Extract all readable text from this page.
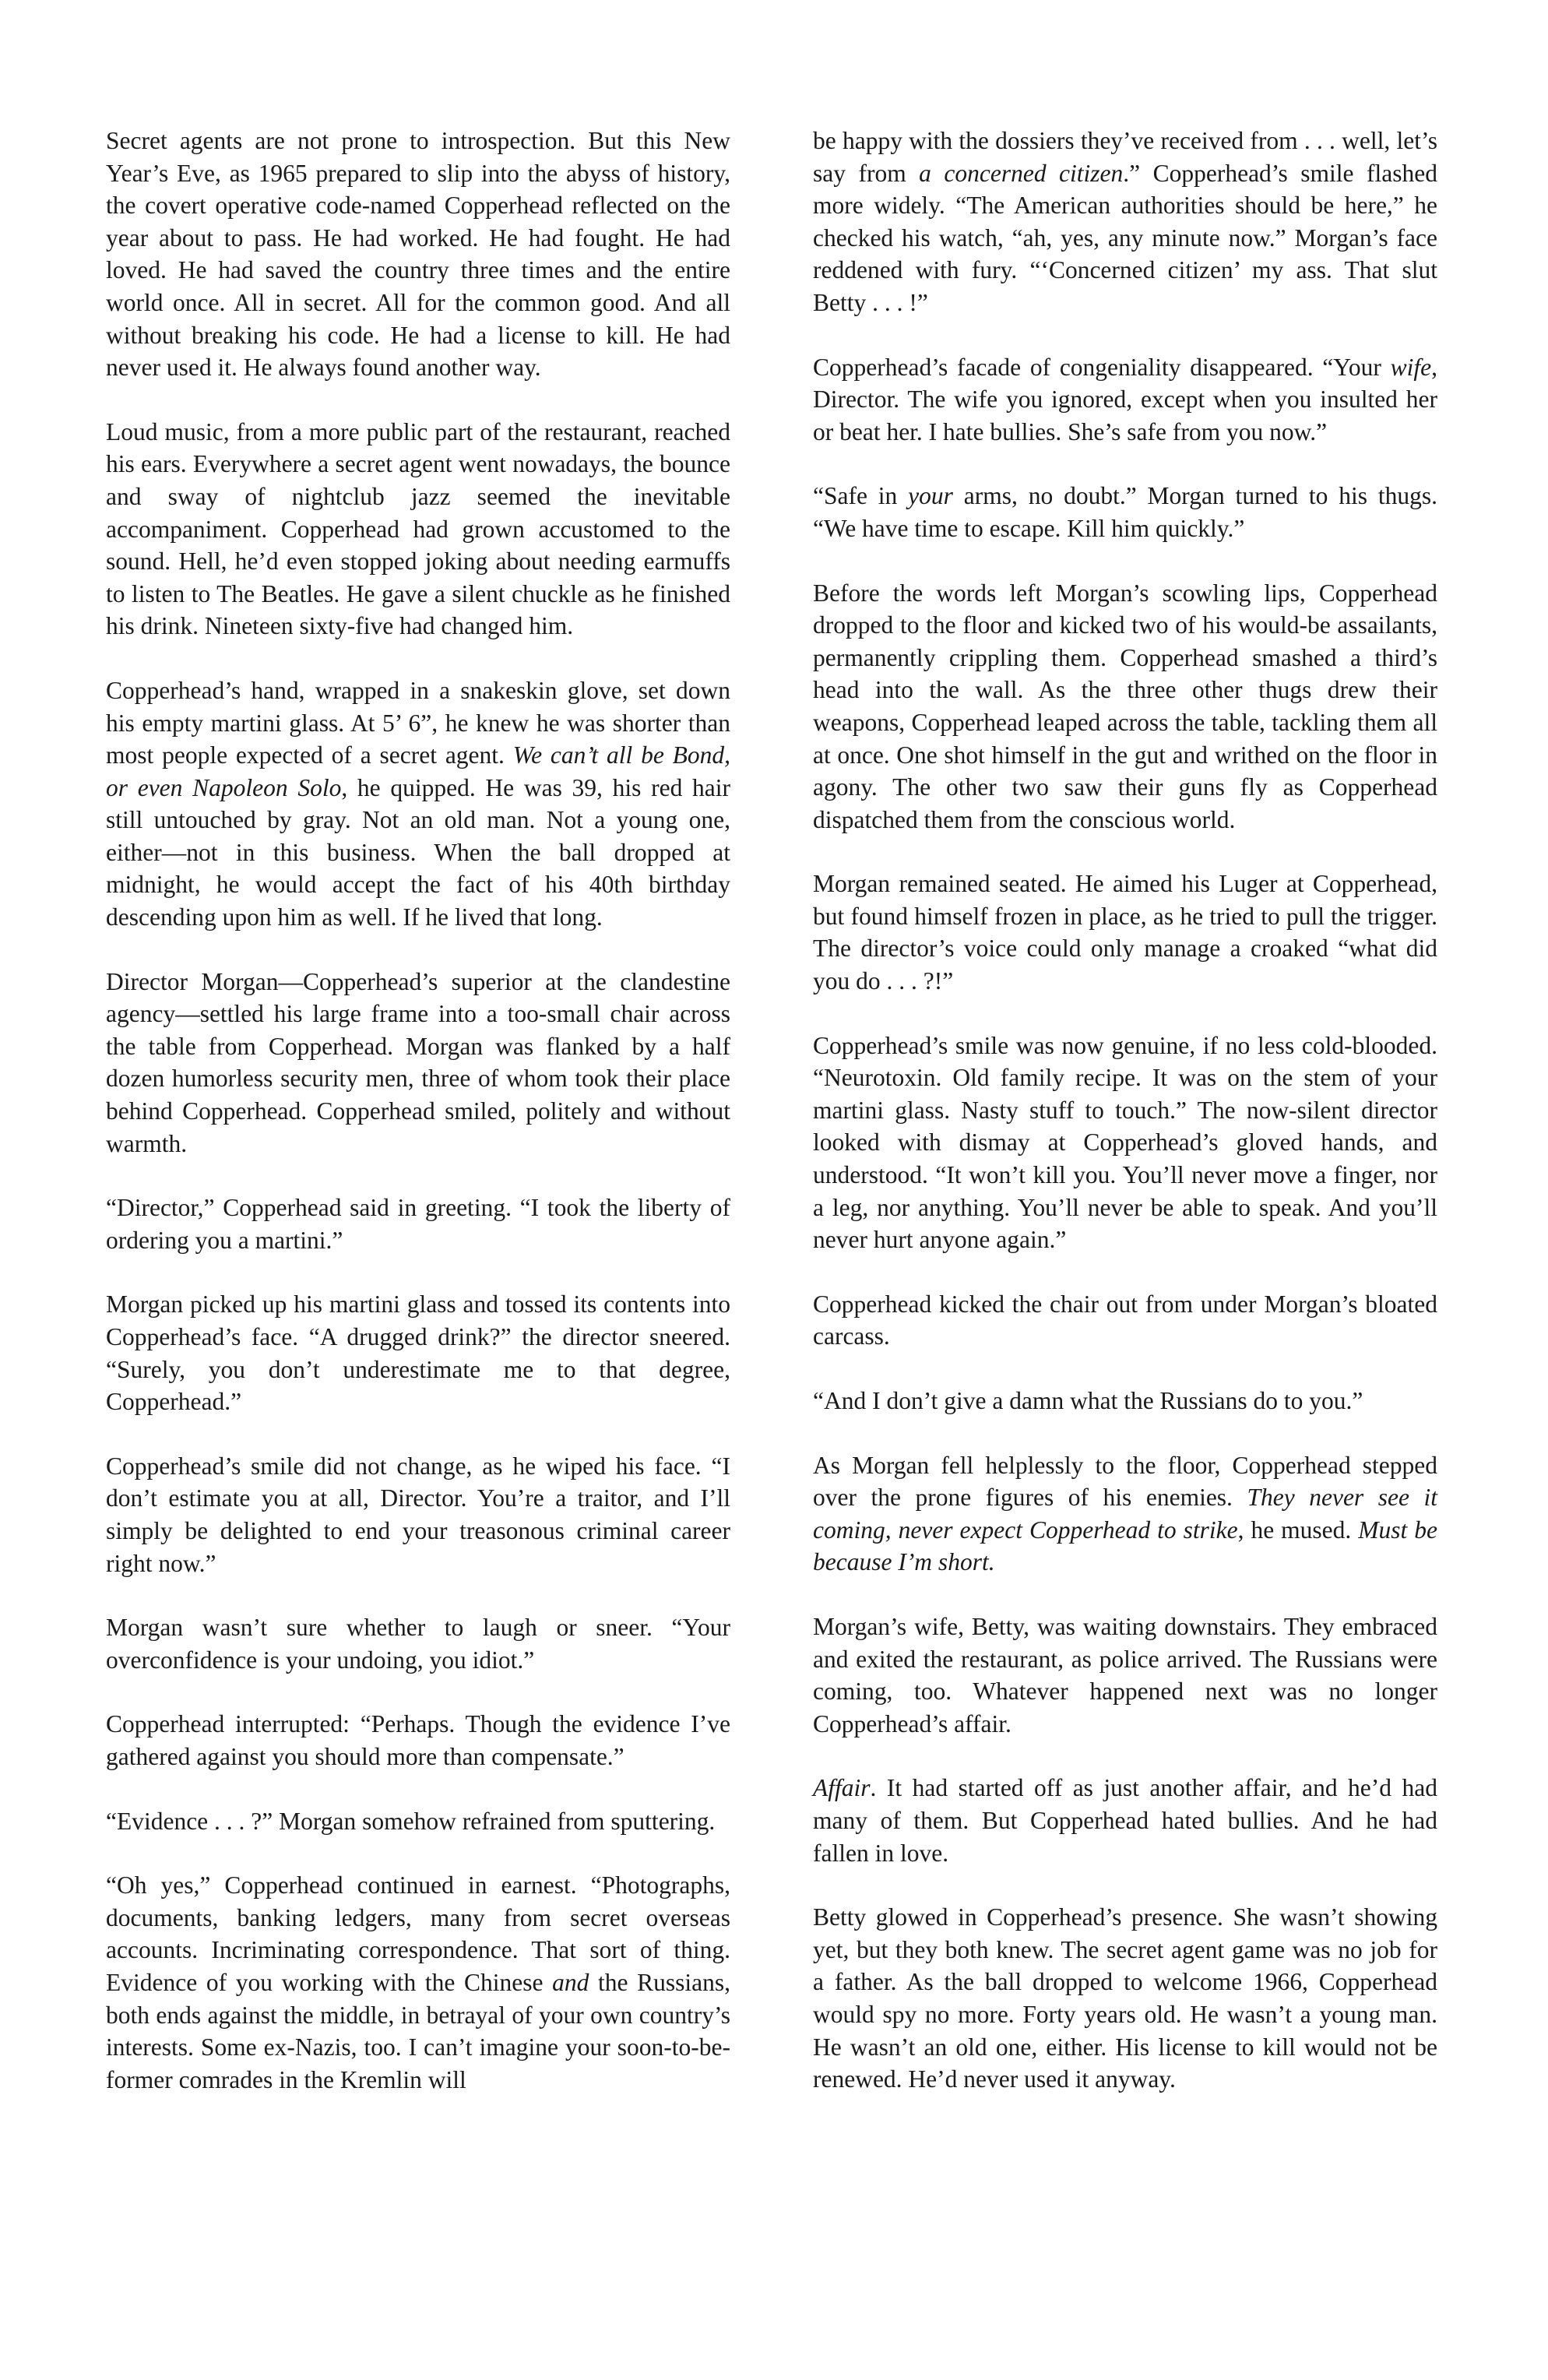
Secret agents are not prone to introspection. But this New Year’s Eve, as 1965 prepared to slip into the abyss of history, the covert operative code-named Copperhead reflected on the year about to pass. He had worked. He had fought. He had loved. He had saved the country three times and the entire world once. All in secret. All for the common good. And all without breaking his code. He had a license to kill. He had never used it. He always found another way.

Loud music, from a more public part of the restaurant, reached his ears. Everywhere a secret agent went nowadays, the bounce and sway of nightclub jazz seemed the inevitable accompaniment. Copperhead had grown accustomed to the sound. Hell, he’d even stopped joking about needing earmuffs to listen to The Beatles. He gave a silent chuckle as he finished his drink. Nineteen sixty-five had changed him.

Copperhead’s hand, wrapped in a snakeskin glove, set down his empty martini glass. At 5’ 6”, he knew he was shorter than most people expected of a secret agent. We can’t all be Bond, or even Napoleon Solo, he quipped. He was 39, his red hair still untouched by gray. Not an old man. Not a young one, either—not in this business. When the ball dropped at midnight, he would accept the fact of his 40th birthday descending upon him as well. If he lived that long.

Director Morgan—Copperhead’s superior at the clandestine agency—settled his large frame into a too-small chair across the table from Copperhead. Morgan was flanked by a half dozen humorless security men, three of whom took their place behind Copperhead. Copperhead smiled, politely and without warmth.

“Director,” Copperhead said in greeting. “I took the liberty of ordering you a martini.”

Morgan picked up his martini glass and tossed its contents into Copperhead’s face. “A drugged drink?” the director sneered. “Surely, you don’t underestimate me to that degree, Copperhead.”

Copperhead’s smile did not change, as he wiped his face. “I don’t estimate you at all, Director. You’re a traitor, and I’ll simply be delighted to end your treasonous criminal career right now.”

Morgan wasn’t sure whether to laugh or sneer. “Your overconfidence is your undoing, you idiot.”

Copperhead interrupted: “Perhaps. Though the evidence I’ve gathered against you should more than compensate.”

“Evidence . . . ?” Morgan somehow refrained from sputtering.

“Oh yes,” Copperhead continued in earnest. “Photographs, documents, banking ledgers, many from secret overseas accounts. Incriminating correspondence. That sort of thing. Evidence of you working with the Chinese and the Russians, both ends against the middle, in betrayal of your own country’s interests. Some ex-Nazis, too. I can’t imagine your soon-to-be-former comrades in the Kremlin will

be happy with the dossiers they’ve received from . . . well, let’s say from a concerned citizen.” Copperhead’s smile flashed more widely. “The American authorities should be here,” he checked his watch, “ah, yes, any minute now.” Morgan’s face reddened with fury. “‘Concerned citizen’ my ass. That slut Betty . . . !”

Copperhead’s facade of congeniality disappeared. “Your wife, Director. The wife you ignored, except when you insulted her or beat her. I hate bullies. She’s safe from you now.”

“Safe in your arms, no doubt.” Morgan turned to his thugs. “We have time to escape. Kill him quickly.”

Before the words left Morgan’s scowling lips, Copperhead dropped to the floor and kicked two of his would-be assailants, permanently crippling them. Copperhead smashed a third’s head into the wall. As the three other thugs drew their weapons, Copperhead leaped across the table, tackling them all at once. One shot himself in the gut and writhed on the floor in agony. The other two saw their guns fly as Copperhead dispatched them from the conscious world.

Morgan remained seated. He aimed his Luger at Copperhead, but found himself frozen in place, as he tried to pull the trigger. The director’s voice could only manage a croaked “what did you do . . . ?!”

Copperhead’s smile was now genuine, if no less cold-blooded. “Neurotoxin. Old family recipe. It was on the stem of your martini glass. Nasty stuff to touch.” The now-silent director looked with dismay at Copperhead’s gloved hands, and understood. “It won’t kill you. You’ll never move a finger, nor a leg, nor anything. You’ll never be able to speak. And you’ll never hurt anyone again.”

Copperhead kicked the chair out from under Morgan’s bloated carcass.

“And I don’t give a damn what the Russians do to you.”

As Morgan fell helplessly to the floor, Copperhead stepped over the prone figures of his enemies. They never see it coming, never expect Copperhead to strike, he mused. Must be because I’m short.

Morgan’s wife, Betty, was waiting downstairs. They embraced and exited the restaurant, as police arrived. The Russians were coming, too. Whatever happened next was no longer Copperhead’s affair.

Affair. It had started off as just another affair, and he’d had many of them. But Copperhead hated bullies. And he had fallen in love.

Betty glowed in Copperhead’s presence. She wasn’t showing yet, but they both knew. The secret agent game was no job for a father. As the ball dropped to welcome 1966, Copperhead would spy no more. Forty years old. He wasn’t a young man. He wasn’t an old one, either. His license to kill would not be renewed. He’d never used it anyway.
